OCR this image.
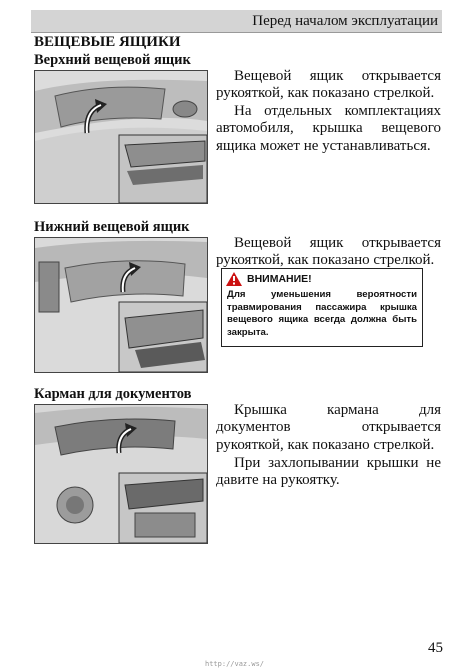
Перед началом эксплуатации
ВЕЩЕВЫЕ ЯЩИКИ
Верхний вещевой ящик

Вещевой ящик открывается рукояткой, как показано стрелкой.

На отдельных комплектациях автомобиля, крышка вещевого ящика может не устанавливаться.

Нижний вещевой ящик

Вещевой ящик открывается рукояткой, как показано стрелкой.

ВНИМАНИЕ!
Для уменьшения вероятности травмирования пассажира крышка вещевого ящика всегда должна быть закрыта.
Карман для документов

Крышка кармана для документов открывается рукояткой, как показано стрелкой.

При захлопывании крышки не давите на рукоятку.

45
http://vaz.ws/
